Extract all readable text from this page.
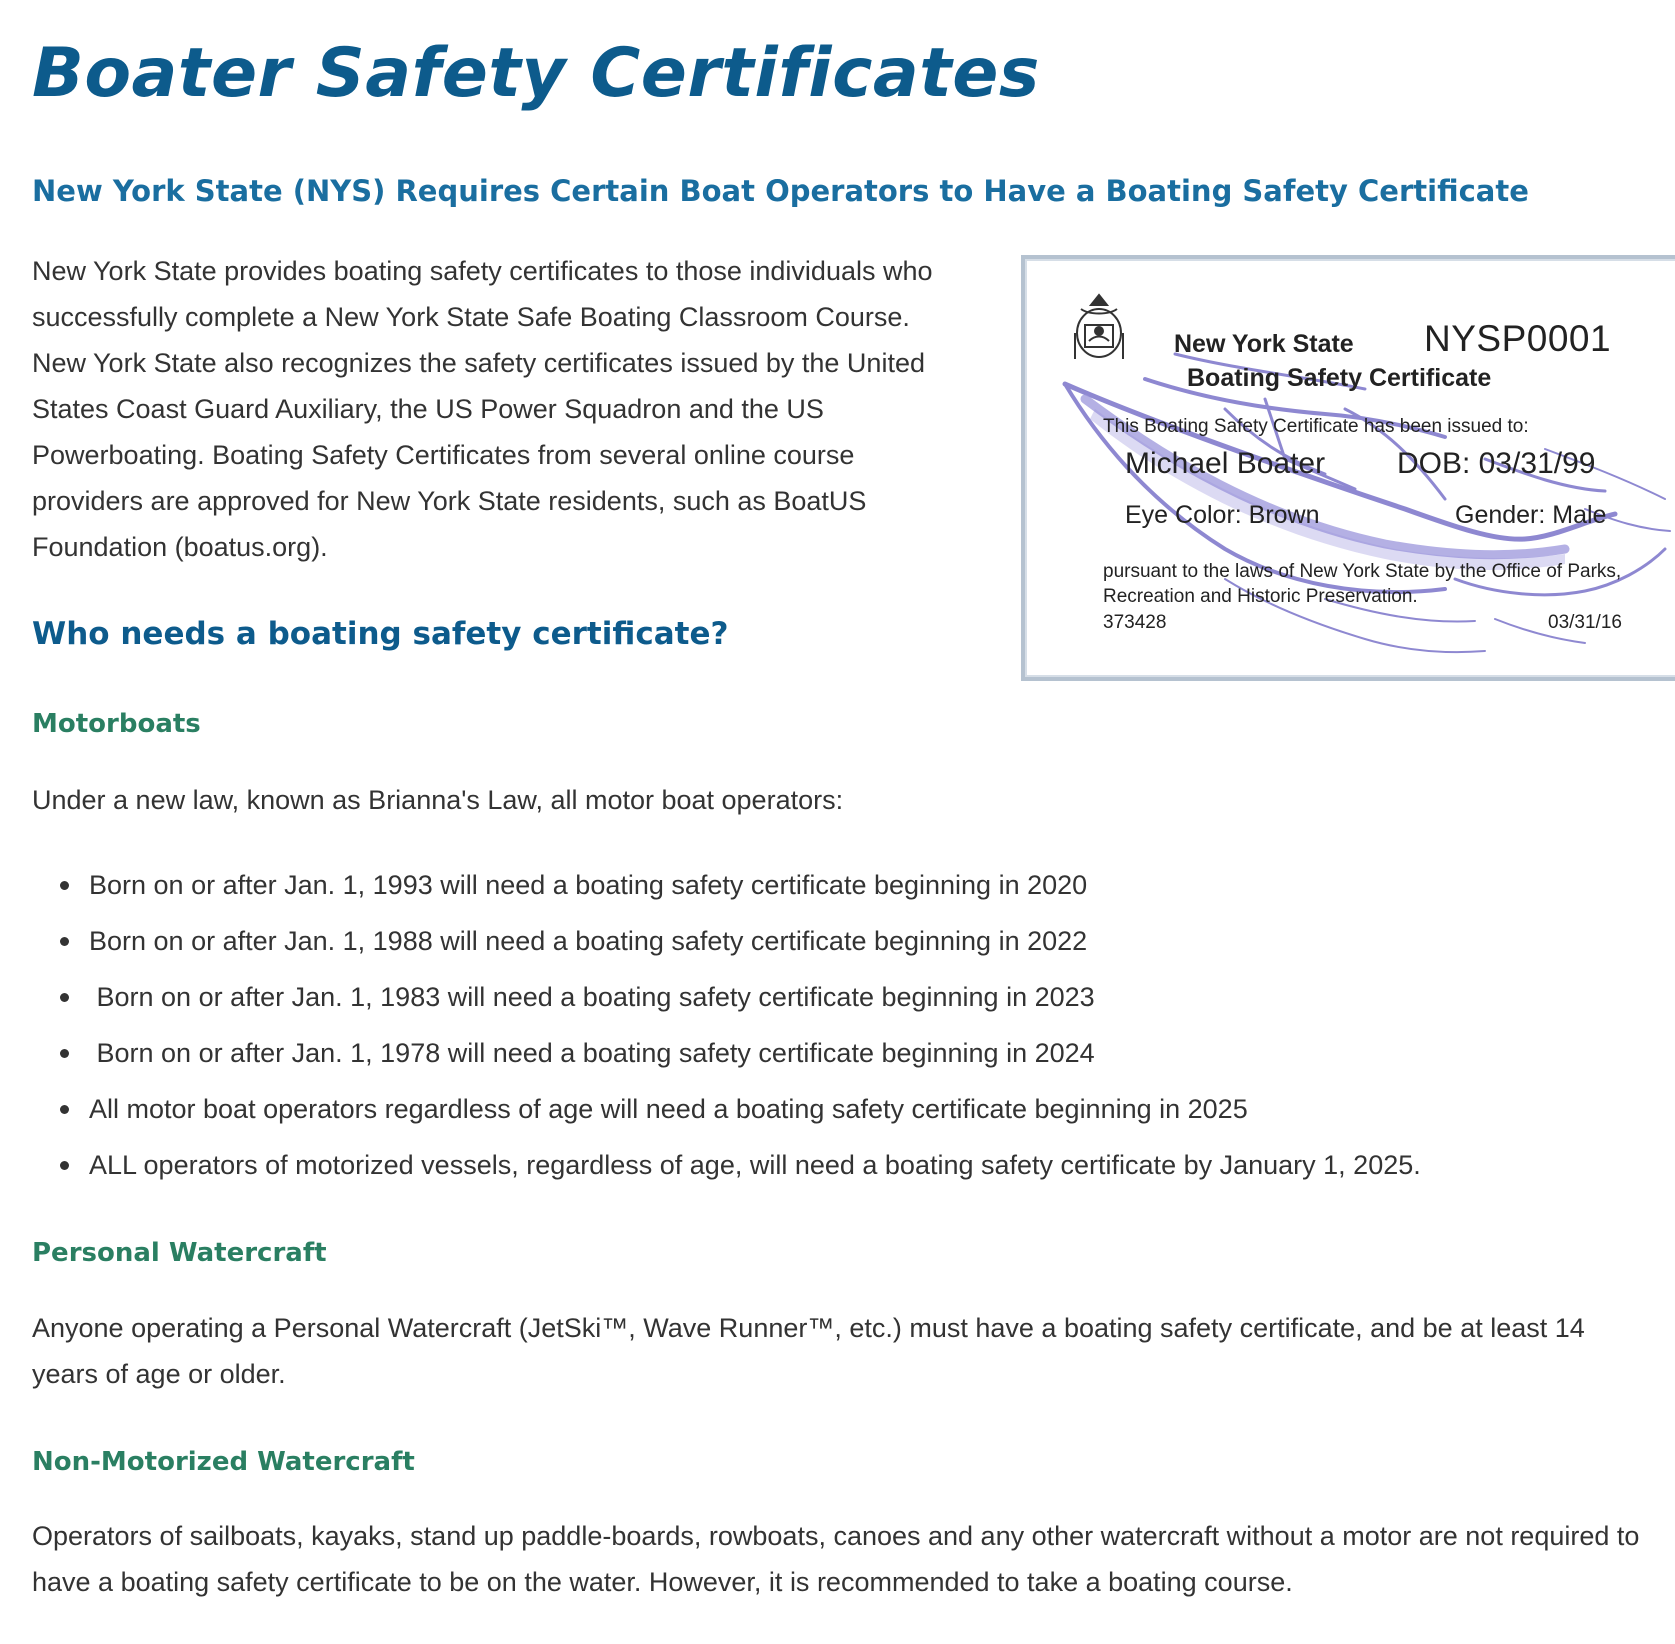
Boater Safety Certificates
New York State (NYS) Requires Certain Boat Operators to Have a Boating Safety Certificate

New York State provides boating safety certificates to those individuals who successfully complete a New York State Safe Boating Classroom Course. New York State also recognizes the safety certificates issued by the United States Coast Guard Auxiliary, the US Power Squadron and the US Powerboating. Boating Safety Certificates from several online course providers are approved for New York State residents, such as BoatUS Foundation (boatus.org).

New York State NYSP0001
Boating Safety Certificate
This Boating Safety Certificate has been issued to:
Michael Boater DOB: 03/31/99
Eye Color: Brown	Gender: Male
pursuant to the laws of New York State by the Office of Parks, Recreation and Historic Preservation.
373428	03/31/16
Who needs a boating safety certificate?
Motorboats

Under a new law, known as Brianna's Law, all motor boat operators:

Born on or after Jan. 1, 1993 will need a boating safety certificate beginning in 2020
Born on or after Jan. 1, 1988 will need a boating safety certificate beginning in 2022
Born on or after Jan. 1, 1983 will need a boating safety certificate beginning in 2023
Born on or after Jan. 1, 1978 will need a boating safety certificate beginning in 2024
All motor boat operators regardless of age will need a boating safety certificate beginning in 2025
ALL operators of motorized vessels, regardless of age, will need a boating safety certificate by January 1, 2025.
Personal Watercraft

Anyone operating a Personal Watercraft (JetSki™, Wave Runner™, etc.) must have a boating safety certificate, and be at least 14 years of age or older.

Non-Motorized Watercraft

Operators of sailboats, kayaks, stand up paddle-boards, rowboats, canoes and any other watercraft without a motor are not required to have a boating safety certificate to be on the water. However, it is recommended to take a boating course.
